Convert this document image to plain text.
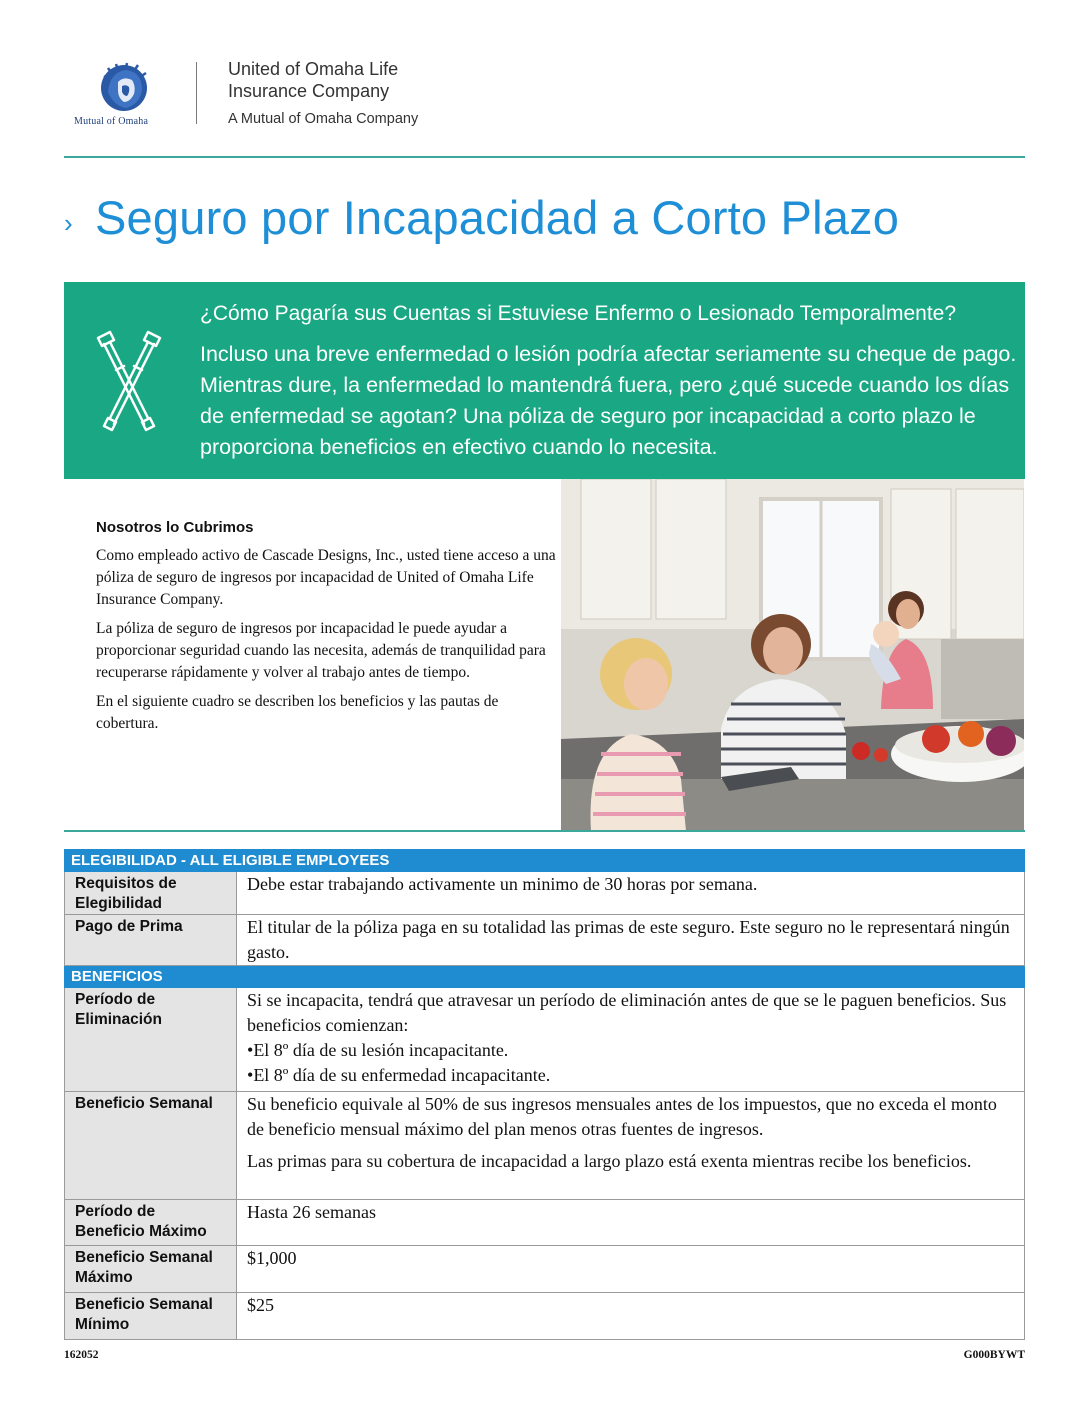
Mutual of Omaha
United of Omaha Life
Insurance Company
A Mutual of Omaha Company
› Seguro por Incapacidad a Corto Plazo
¿Cómo Pagaría sus Cuentas si Estuviese Enfermo o Lesionado Temporalmente?
Incluso una breve enfermedad o lesión podría afectar seriamente su cheque de pago. Mientras dure, la enfermedad lo mantendrá fuera, pero ¿qué sucede cuando los días de enfermedad se agotan? Una póliza de seguro por incapacidad a corto plazo le proporciona beneficios en efectivo cuando lo necesita.
Nosotros lo Cubrimos

Como empleado activo de Cascade Designs, Inc., usted tiene acceso a una póliza de seguro de ingresos por incapacidad de United of Omaha Life Insurance Company.

La póliza de seguro de ingresos por incapacidad le puede ayudar a proporcionar seguridad cuando las necesita, además de tranquilidad para recuperarse rápidamente y volver al trabajo antes de tiempo.

En el siguiente cuadro se describen los beneficios y las pautas de cobertura.

ELEGIBILIDAD - ALL ELIGIBLE EMPLOYEES	
Requisitos de Elegibilidad	Debe estar trabajando activamente un minimo de 30 horas por semana.
Pago de Prima	El titular de la póliza paga en su totalidad las primas de este seguro. Este seguro no le representará ningún gasto.
BENEFICIOS	
Período de Eliminación	Si se incapacita, tendrá que atravesar un período de eliminación antes de que se le paguen beneficios. Sus beneficios comienzan:

•El 8º día de su lesión incapacitante.

•El 8º día de su enfermedad incapacitante.

Beneficio Semanal	Su beneficio equivale al 50% de sus ingresos mensuales antes de los impuestos, que no exceda el monto de beneficio mensual máximo del plan menos otras fuentes de ingresos.

Las primas para su cobertura de incapacidad a largo plazo está exenta mientras recibe los beneficios.

Período de Beneficio Máximo	Hasta 26 semanas
Beneficio Semanal Máximo	$1,000
Beneficio Semanal Mínimo	$25
162052	G000BYWT
